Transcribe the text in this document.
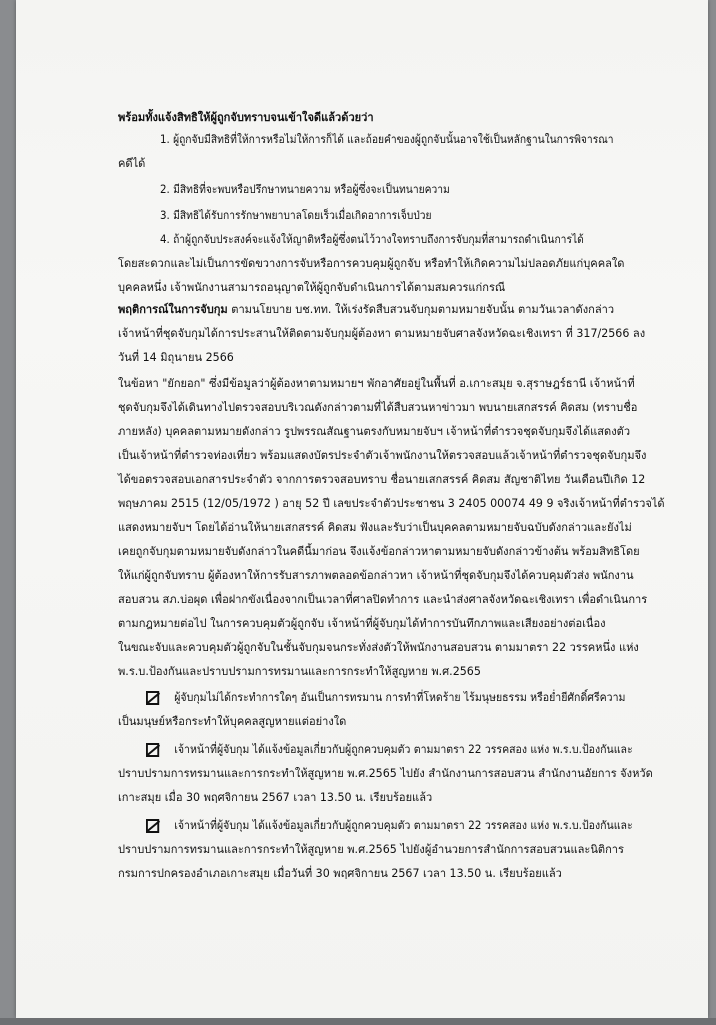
พร้อมทั้งแจ้งสิทธิให้ผู้ถูกจับทราบจนเข้าใจดีแล้วด้วยว่า
1. ผู้ถูกจับมีสิทธิที่ให้การหรือไม่ให้การก็ได้ และถ้อยคำของผู้ถูกจับนั้นอาจใช้เป็นหลักฐานในการพิจารณา
คดีได้
2. มีสิทธิที่จะพบหรือปรึกษาทนายความ หรือผู้ซึ่งจะเป็นทนายความ
3. มีสิทธิได้รับการรักษาพยาบาลโดยเร็วเมื่อเกิดอาการเจ็บป่วย
4. ถ้าผู้ถูกจับประสงค์จะแจ้งให้ญาติหรือผู้ซึ่งตนไว้วางใจทราบถึงการจับกุมที่สามารถดำเนินการได้
โดยสะดวกและไม่เป็นการขัดขวางการจับหรือการควบคุมผู้ถูกจับ หรือทำให้เกิดความไม่ปลอดภัยแก่บุคคลใด
บุคคลหนึ่ง เจ้าพนักงานสามารถอนุญาตให้ผู้ถูกจับดำเนินการได้ตามสมควรแก่กรณี
พฤติการณ์ในการจับกุม ตามนโยบาย บช.ทท. ให้เร่งรัดสืบสวนจับกุมตามหมายจับนั้น ตามวันเวลาดังกล่าว
เจ้าหน้าที่ชุดจับกุมได้การประสานให้ติดตามจับกุมผู้ต้องหา ตามหมายจับศาลจังหวัดฉะเชิงเทรา ที่ 317/2566 ลง
วันที่ 14 มิถุนายน 2566
ในข้อหา "ยักยอก" ซึ่งมีข้อมูลว่าผู้ต้องหาตามหมายฯ พักอาศัยอยู่ในพื้นที่ อ.เกาะสมุย จ.สุราษฎร์ธานี เจ้าหน้าที่
ชุดจับกุมจึงได้เดินทางไปตรวจสอบบริเวณดังกล่าวตามที่ได้สืบสวนหาข่าวมา พบนายเสกสรรค์ คิดสม (ทราบชื่อ
ภายหลัง) บุคคลตามหมายดังกล่าว รูปพรรณสัณฐานตรงกับหมายจับฯ เจ้าหน้าที่ตำรวจชุดจับกุมจึงได้แสดงตัว
เป็นเจ้าหน้าที่ตำรวจท่องเที่ยว พร้อมแสดงบัตรประจำตัวเจ้าพนักงานให้ตรวจสอบแล้วเจ้าหน้าที่ตำรวจชุดจับกุมจึง
ได้ขอตรวจสอบเอกสารประจำตัว จากการตรวจสอบทราบ ชื่อนายเสกสรรค์ คิดสม สัญชาติไทย วันเดือนปีเกิด 12
พฤษภาคม 2515 (12/05/1972 ) อายุ 52 ปี เลขประจำตัวประชาชน 3 2405 00074 49 9 จริงเจ้าหน้าที่ตำรวจได้
แสดงหมายจับฯ โดยได้อ่านให้นายเสกสรรค์ คิดสม ฟังและรับว่าเป็นบุคคลตามหมายจับฉบับดังกล่าวและยังไม่
เคยถูกจับกุมตามหมายจับดังกล่าวในคดีนี้มาก่อน จึงแจ้งข้อกล่าวหาตามหมายจับดังกล่าวข้างต้น พร้อมสิทธิโดย
ให้แก่ผู้ถูกจับทราบ ผู้ต้องหาให้การรับสารภาพตลอดข้อกล่าวหา เจ้าหน้าที่ชุดจับกุมจึงได้ควบคุมตัวส่ง พนักงาน
สอบสวน สภ.บ่อผุด เพื่อฝากขังเนื่องจากเป็นเวลาที่ศาลปิดทำการ และนำส่งศาลจังหวัดฉะเชิงเทรา เพื่อดำเนินการ
ตามกฎหมายต่อไป ในการควบคุมตัวผู้ถูกจับ เจ้าหน้าที่ผู้จับกุมได้ทำการบันทึกภาพและเสียงอย่างต่อเนื่อง
ในขณะจับและควบคุมตัวผู้ถูกจับในชั้นจับกุมจนกระทั่งส่งตัวให้พนักงานสอบสวน ตามมาตรา 22 วรรคหนึ่ง แห่ง
พ.ร.บ.ป้องกันและปราบปรามการทรมานและการกระทำให้สูญหาย พ.ศ.2565
ผู้จับกุมไม่ได้กระทำการใดๆ อันเป็นการทรมาน การทำที่โหดร้าย ไร้มนุษยธรรม หรือย่ำยีศักดิ์ศรีความ
เป็นมนุษย์หรือกระทำให้บุคคลสูญหายแต่อย่างใด
เจ้าหน้าที่ผู้จับกุม ได้แจ้งข้อมูลเกี่ยวกับผู้ถูกควบคุมตัว ตามมาตรา 22 วรรคสอง แห่ง พ.ร.บ.ป้องกันและ
ปราบปรามการทรมานและการกระทำให้สูญหาย พ.ศ.2565 ไปยัง สำนักงานการสอบสวน สำนักงานอัยการ จังหวัด
เกาะสมุย เมื่อ 30 พฤศจิกายน 2567 เวลา 13.50 น. เรียบร้อยแล้ว
เจ้าหน้าที่ผู้จับกุม ได้แจ้งข้อมูลเกี่ยวกับผู้ถูกควบคุมตัว ตามมาตรา 22 วรรคสอง แห่ง พ.ร.บ.ป้องกันและ
ปราบปรามการทรมานและการกระทำให้สูญหาย พ.ศ.2565 ไปยังผู้อำนวยการสำนักการสอบสวนและนิติการ
กรมการปกครองอำเภอเกาะสมุย เมื่อวันที่ 30 พฤศจิกายน 2567 เวลา 13.50 น. เรียบร้อยแล้ว
